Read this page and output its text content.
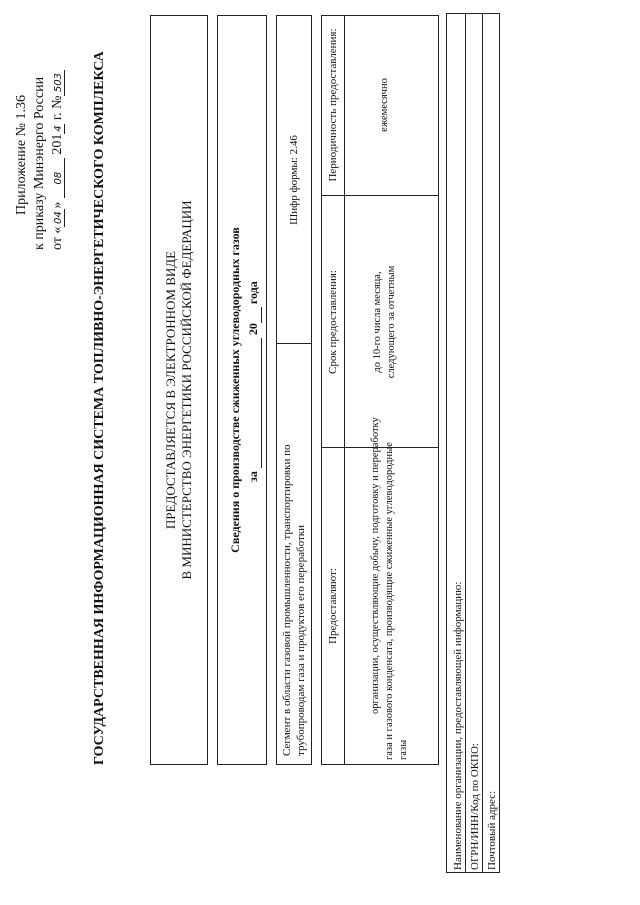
Приложение № 1.36 к приказу Минэнерго России от «04» 08 2014 г. №503 ГОСУДАРСТВЕННАЯ ИНФОРМАЦИОННАЯ СИСТЕМА ТОПЛИВНО-ЭНЕРГЕТИЧЕСКОГО КОМПЛЕКСА	ПРЕДОСТАВЛЯЕТСЯ В ЭЛЕКТРОННОМ ВИДЕ В МИНИСТЕРСТВО ЭНЕРГЕТИКИ РОССИЙСКОЙ ФЕДЕРАЦИИ	Сведения о производстве сжиженных углеводородных газов за   20  года
Сегмент в области газовой промышленности, транспортировки по трубопроводам газа и продуктов его переработки
Шифр формы: 2.46
Предоставляют:
Срок предоставления:
Периодичность предоставления:
организации, осуществляющие добычу, подготовку и переработку газа и газового конденсата, производящие сжиженные углеводородные газы
до 10-го числа месяца, следующего за отчетным
ежемесячно
Наименование организации, предоставляющей информацию: ОГРН/ИНН/Код по ОКПО: Почтовый адрес:
